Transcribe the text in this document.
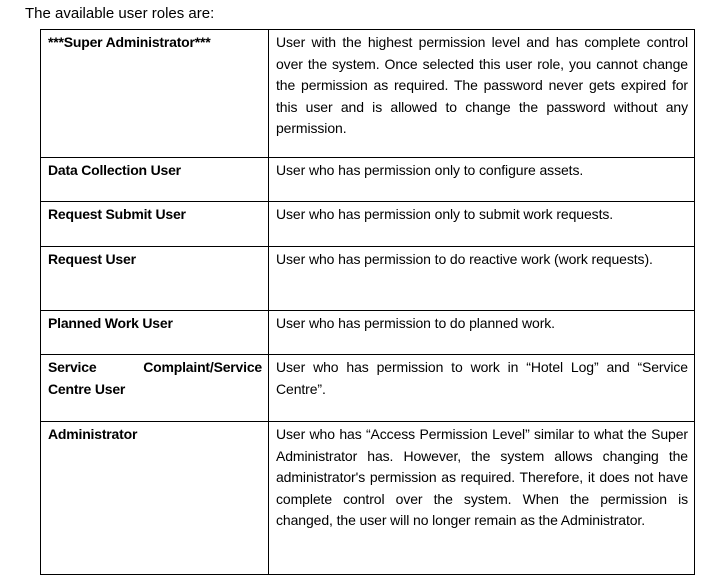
The available user roles are:
***Super Administrator***	User with the highest permission level and has complete control over the system. Once selected this user role, you cannot change the permission as required. The password never gets expired for this user and is allowed to change the password without any permission.
Data Collection User	User who has permission only to configure assets.
Request Submit User	User who has permission only to submit work requests.
Request User	User who has permission to do reactive work (work requests).
Planned Work User	User who has permission to do planned work.
Service Complaint/Service Centre User	User who has permission to work in “Hotel Log” and “Service Centre”.
Administrator	User who has “Access Permission Level” similar to what the Super Administrator has. However, the system allows changing the administrator's permission as required. Therefore, it does not have complete control over the system. When the permission is changed, the user will no longer remain as the Administrator.
